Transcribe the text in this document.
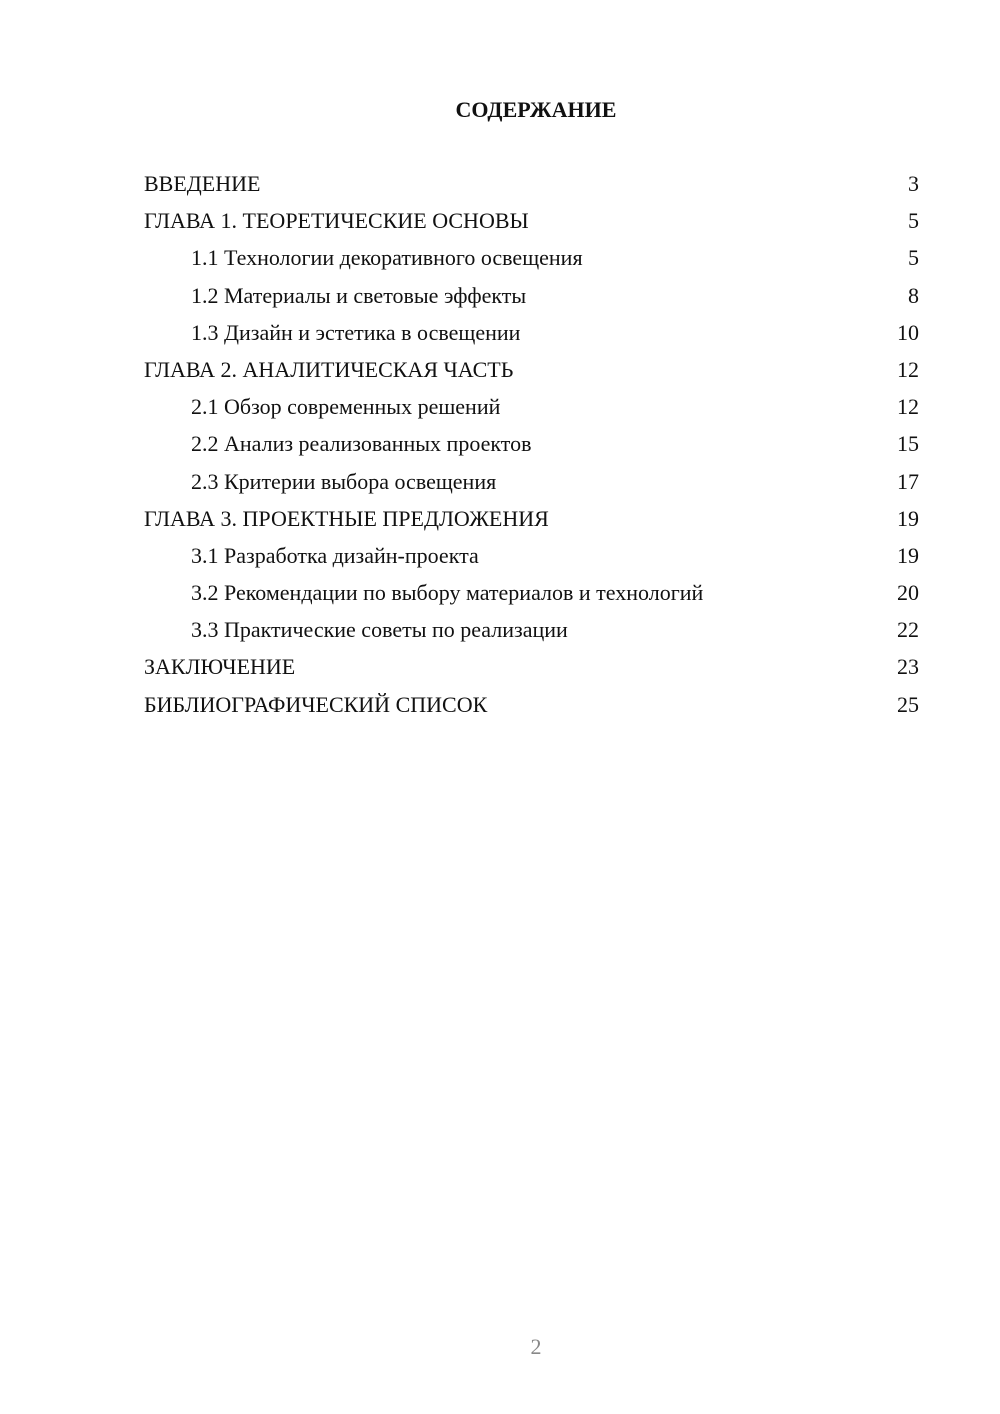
СОДЕРЖАНИЕ
ВВЕДЕНИЕ	3
ГЛАВА 1. ТЕОРЕТИЧЕСКИЕ ОСНОВЫ	5
1.1 Технологии декоративного освещения	5
1.2 Материалы и световые эффекты	8
1.3 Дизайн и эстетика в освещении	10
ГЛАВА 2. АНАЛИТИЧЕСКАЯ ЧАСТЬ	12
2.1 Обзор современных решений	12
2.2 Анализ реализованных проектов	15
2.3 Критерии выбора освещения	17
ГЛАВА 3. ПРОЕКТНЫЕ ПРЕДЛОЖЕНИЯ	19
3.1 Разработка дизайн-проекта	19
3.2 Рекомендации по выбору материалов и технологий	20
3.3 Практические советы по реализации	22
ЗАКЛЮЧЕНИЕ	23
БИБЛИОГРАФИЧЕСКИЙ СПИСОК	25
2
